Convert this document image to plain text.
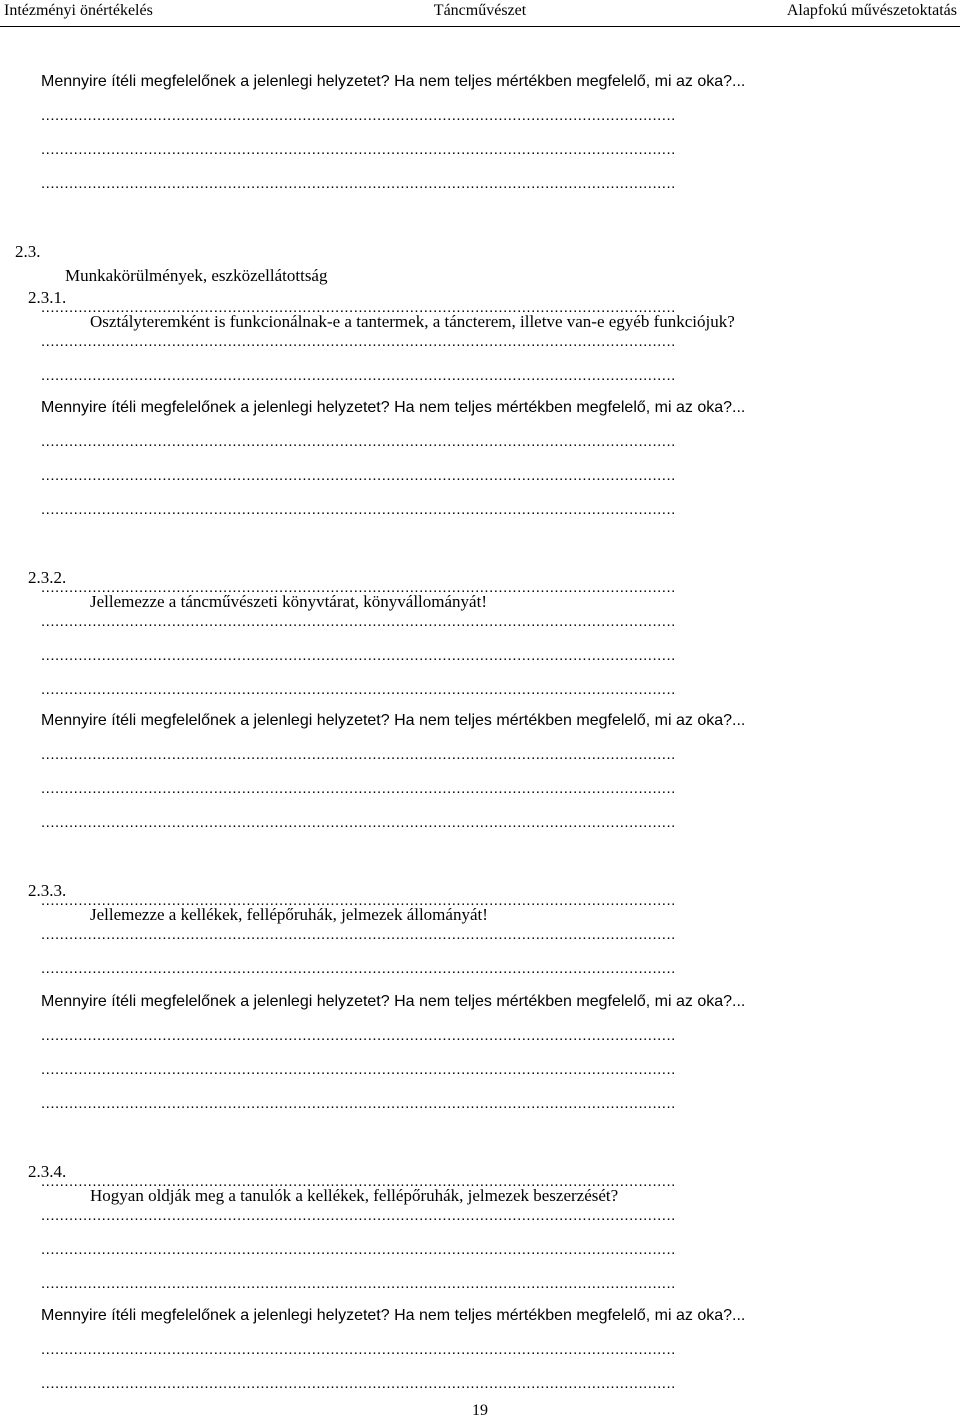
Intézményi önértékelés	Táncművészet	Alapfokú művészetoktatás
Mennyire ítéli megfelelőnek a jelenlegi helyzetet? Ha nem teljes mértékben megfelelő, mi az oka?...
........................................................................................................................................
........................................................................................................................................
........................................................................................................................................

2.3.

Munkakörülmények, eszközellátottság

2.3.1.

Osztályteremként is funkcionálnak-e a tantermek, a táncterem, illetve van-e egyéb funkciójuk?

........................................................................................................................................
........................................................................................................................................
........................................................................................................................................
Mennyire ítéli megfelelőnek a jelenlegi helyzetet? Ha nem teljes mértékben megfelelő, mi az oka?...
........................................................................................................................................
........................................................................................................................................
........................................................................................................................................

2.3.2.

Jellemezze a táncművészeti könyvtárat, könyvállományát!

........................................................................................................................................
........................................................................................................................................
........................................................................................................................................
........................................................................................................................................
Mennyire ítéli megfelelőnek a jelenlegi helyzetet? Ha nem teljes mértékben megfelelő, mi az oka?...
........................................................................................................................................
........................................................................................................................................
........................................................................................................................................

2.3.3.

Jellemezze a kellékek, fellépőruhák, jelmezek állományát!

........................................................................................................................................
........................................................................................................................................
........................................................................................................................................
Mennyire ítéli megfelelőnek a jelenlegi helyzetet? Ha nem teljes mértékben megfelelő, mi az oka?...
........................................................................................................................................
........................................................................................................................................
........................................................................................................................................

2.3.4.

Hogyan oldják meg a tanulók a kellékek, fellépőruhák, jelmezek beszerzését?

........................................................................................................................................
........................................................................................................................................
........................................................................................................................................
........................................................................................................................................
Mennyire ítéli megfelelőnek a jelenlegi helyzetet? Ha nem teljes mértékben megfelelő, mi az oka?...
........................................................................................................................................
........................................................................................................................................
19
